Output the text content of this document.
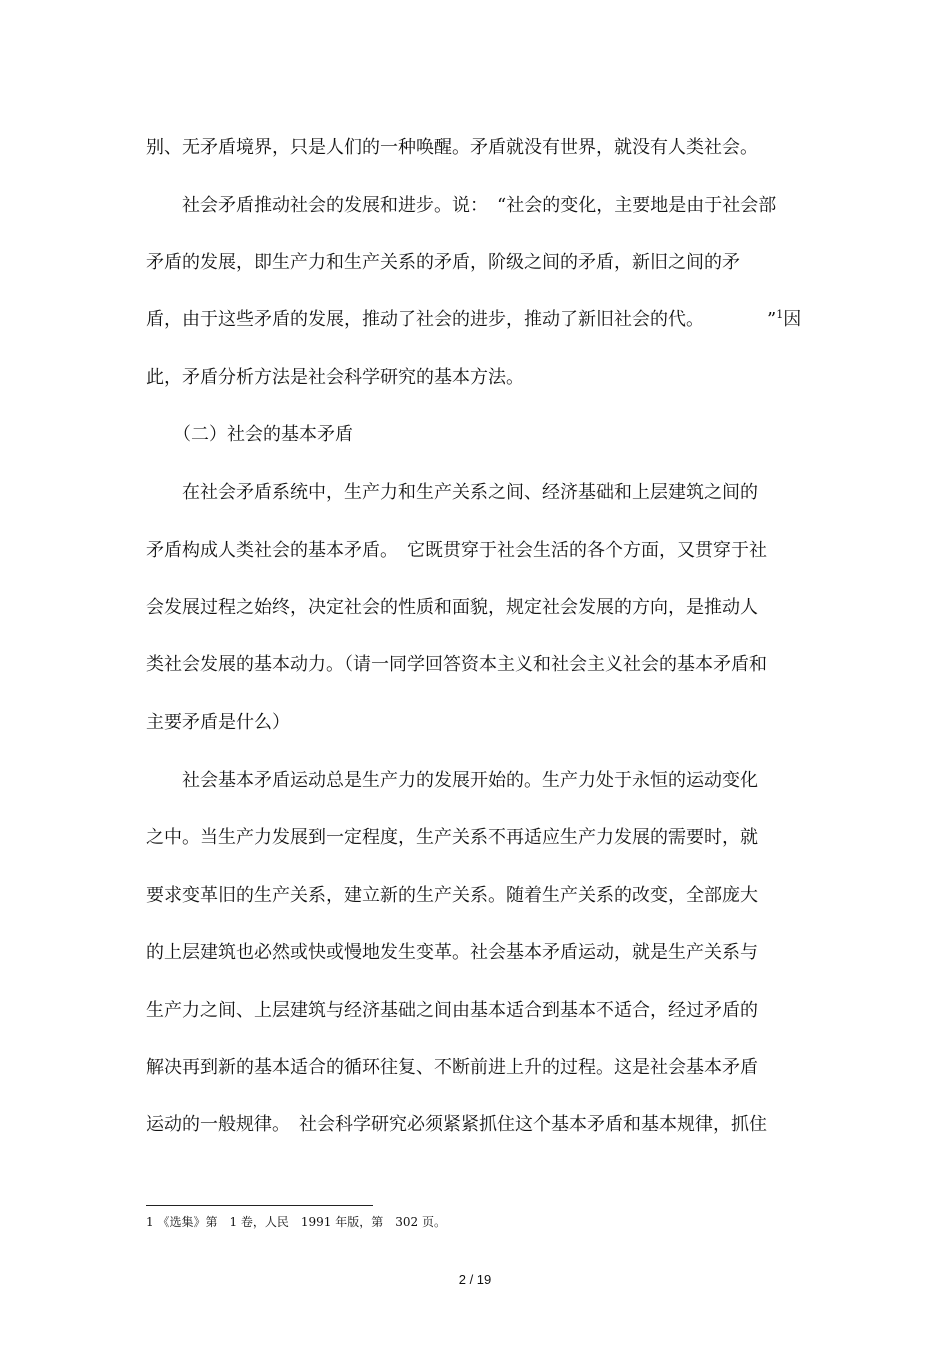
别、无矛盾境界，只是人们的一种唤醒。矛盾就没有世界，就没有人类社会。
　　社会矛盾推动社会的发展和进步。说：　“社会的变化，主要地是由于社会部
矛盾的发展，即生产力和生产关系的矛盾，阶级之间的矛盾，新旧之间的矛
盾，由于这些矛盾的发展，推动了社会的进步，推动了新旧社会的代。　　　　”$^1$因
此，矛盾分析方法是社会科学研究的基本方法。
　　（二）社会的基本矛盾
　　在社会矛盾系统中，生产力和生产关系之间、经济基础和上层建筑之间的
矛盾构成人类社会的基本矛盾。　它既贯穿于社会生活的各个方面，又贯穿于社
会发展过程之始终，决定社会的性质和面貌，规定社会发展的方向，是推动人
类社会发展的基本动力。（请一同学回答资本主义和社会主义社会的基本矛盾和
主要矛盾是什么）
　　社会基本矛盾运动总是生产力的发展开始的。生产力处于永恒的运动变化
之中。当生产力发展到一定程度，生产关系不再适应生产力发展的需要时，就
要求变革旧的生产关系，建立新的生产关系。随着生产关系的改变，全部庞大
的上层建筑也必然或快或慢地发生变革。社会基本矛盾运动，就是生产关系与
生产力之间、上层建筑与经济基础之间由基本适合到基本不适合，经过矛盾的
解决再到新的基本适合的循环往复、不断前进上升的过程。这是社会基本矛盾
运动的一般规律。　社会科学研究必须紧紧抓住这个基本矛盾和基本规律，抓住
1 《选集》第　1 卷，人民　1991 年版，第　302 页。
2 / 19
